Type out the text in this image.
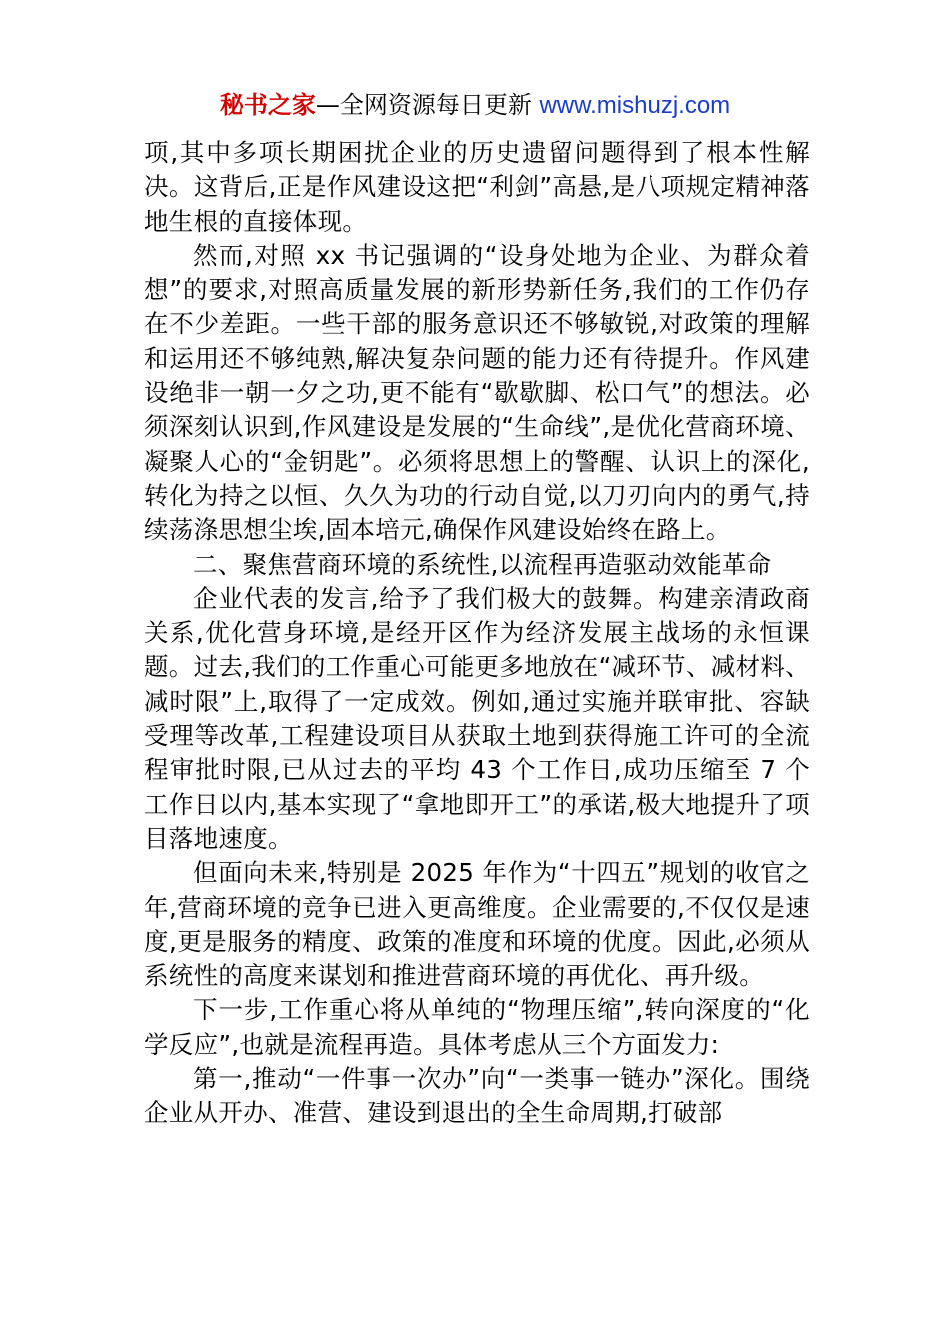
秘书之家—全网资源每日更新 www.mishuzj.com

项,其中多项长期困扰企业的历史遗留问题得到了根本性解决。这背后,正是作风建设这把“利剑”高悬,是八项规定精神落地生根的直接体现。

然而,对照 xx 书记强调的“设身处地为企业、为群众着想”的要求,对照高质量发展的新形势新任务,我们的工作仍存在不少差距。一些干部的服务意识还不够敏锐,对政策的理解和运用还不够纯熟,解决复杂问题的能力还有待提升。作风建设绝非一朝一夕之功,更不能有“歇歇脚、松口气”的想法。必须深刻认识到,作风建设是发展的“生命线”,是优化营商环境、凝聚人心的“金钥匙”。必须将思想上的警醒、认识上的深化,转化为持之以恒、久久为功的行动自觉,以刀刃向内的勇气,持续荡涤思想尘埃,固本培元,确保作风建设始终在路上。

二、聚焦营商环境的系统性,以流程再造驱动效能革命

企业代表的发言,给予了我们极大的鼓舞。构建亲清政商关系,优化营身环境,是经开区作为经济发展主战场的永恒课题。过去,我们的工作重心可能更多地放在“减环节、减材料、减时限”上,取得了一定成效。例如,通过实施并联审批、容缺受理等改革,工程建设项目从获取土地到获得施工许可的全流程审批时限,已从过去的平均 43 个工作日,成功压缩至 7 个工作日以内,基本实现了“拿地即开工”的承诺,极大地提升了项目落地速度。

但面向未来,特别是 2025 年作为“十四五”规划的收官之年,营商环境的竞争已进入更高维度。企业需要的,不仅仅是速度,更是服务的精度、政策的准度和环境的优度。因此,必须从系统性的高度来谋划和推进营商环境的再优化、再升级。

下一步,工作重心将从单纯的“物理压缩”,转向深度的“化学反应”,也就是流程再造。具体考虑从三个方面发力:

第一,推动“一件事一次办”向“一类事一链办”深化。围绕企业从开办、准营、建设到退出的全生命周期,打破部
